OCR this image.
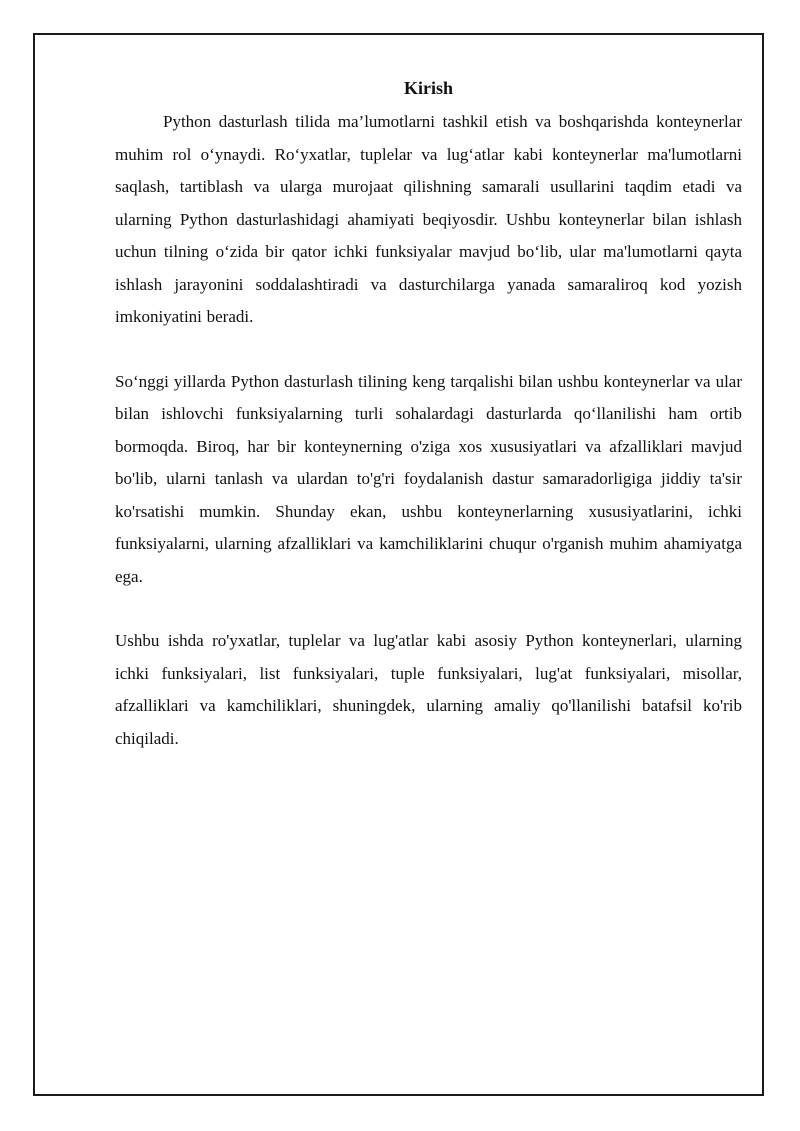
Kirish

Python dasturlash tilida ma’lumotlarni tashkil etish va boshqarishda konteynerlar muhim rol o‘ynaydi. Ro‘yxatlar, tuplelar va lug‘atlar kabi konteynerlar ma'lumotlarni saqlash, tartiblash va ularga murojaat qilishning samarali usullarini taqdim etadi va ularning Python dasturlashidagi ahamiyati beqiyosdir. Ushbu konteynerlar bilan ishlash uchun tilning o‘zida bir qator ichki funksiyalar mavjud bo‘lib, ular ma'lumotlarni qayta ishlash jarayonini soddalashtiradi va dasturchilarga yanada samaraliroq kod yozish imkoniyatini beradi.

So‘nggi yillarda Python dasturlash tilining keng tarqalishi bilan ushbu konteynerlar va ular bilan ishlovchi funksiyalarning turli sohalardagi dasturlarda qo‘llanilishi ham ortib bormoqda. Biroq, har bir konteynerning o'ziga xos xususiyatlari va afzalliklari mavjud bo'lib, ularni tanlash va ulardan to'g'ri foydalanish dastur samaradorligiga jiddiy ta'sir ko'rsatishi mumkin. Shunday ekan, ushbu konteynerlarning xususiyatlarini, ichki funksiyalarni, ularning afzalliklari va kamchiliklarini chuqur o'rganish muhim ahamiyatga ega.

Ushbu ishda ro'yxatlar, tuplelar va lug'atlar kabi asosiy Python konteynerlari, ularning ichki funksiyalari, list funksiyalari, tuple funksiyalari, lug'at funksiyalari, misollar, afzalliklari va kamchiliklari, shuningdek, ularning amaliy qo'llanilishi batafsil ko'rib chiqiladi.
